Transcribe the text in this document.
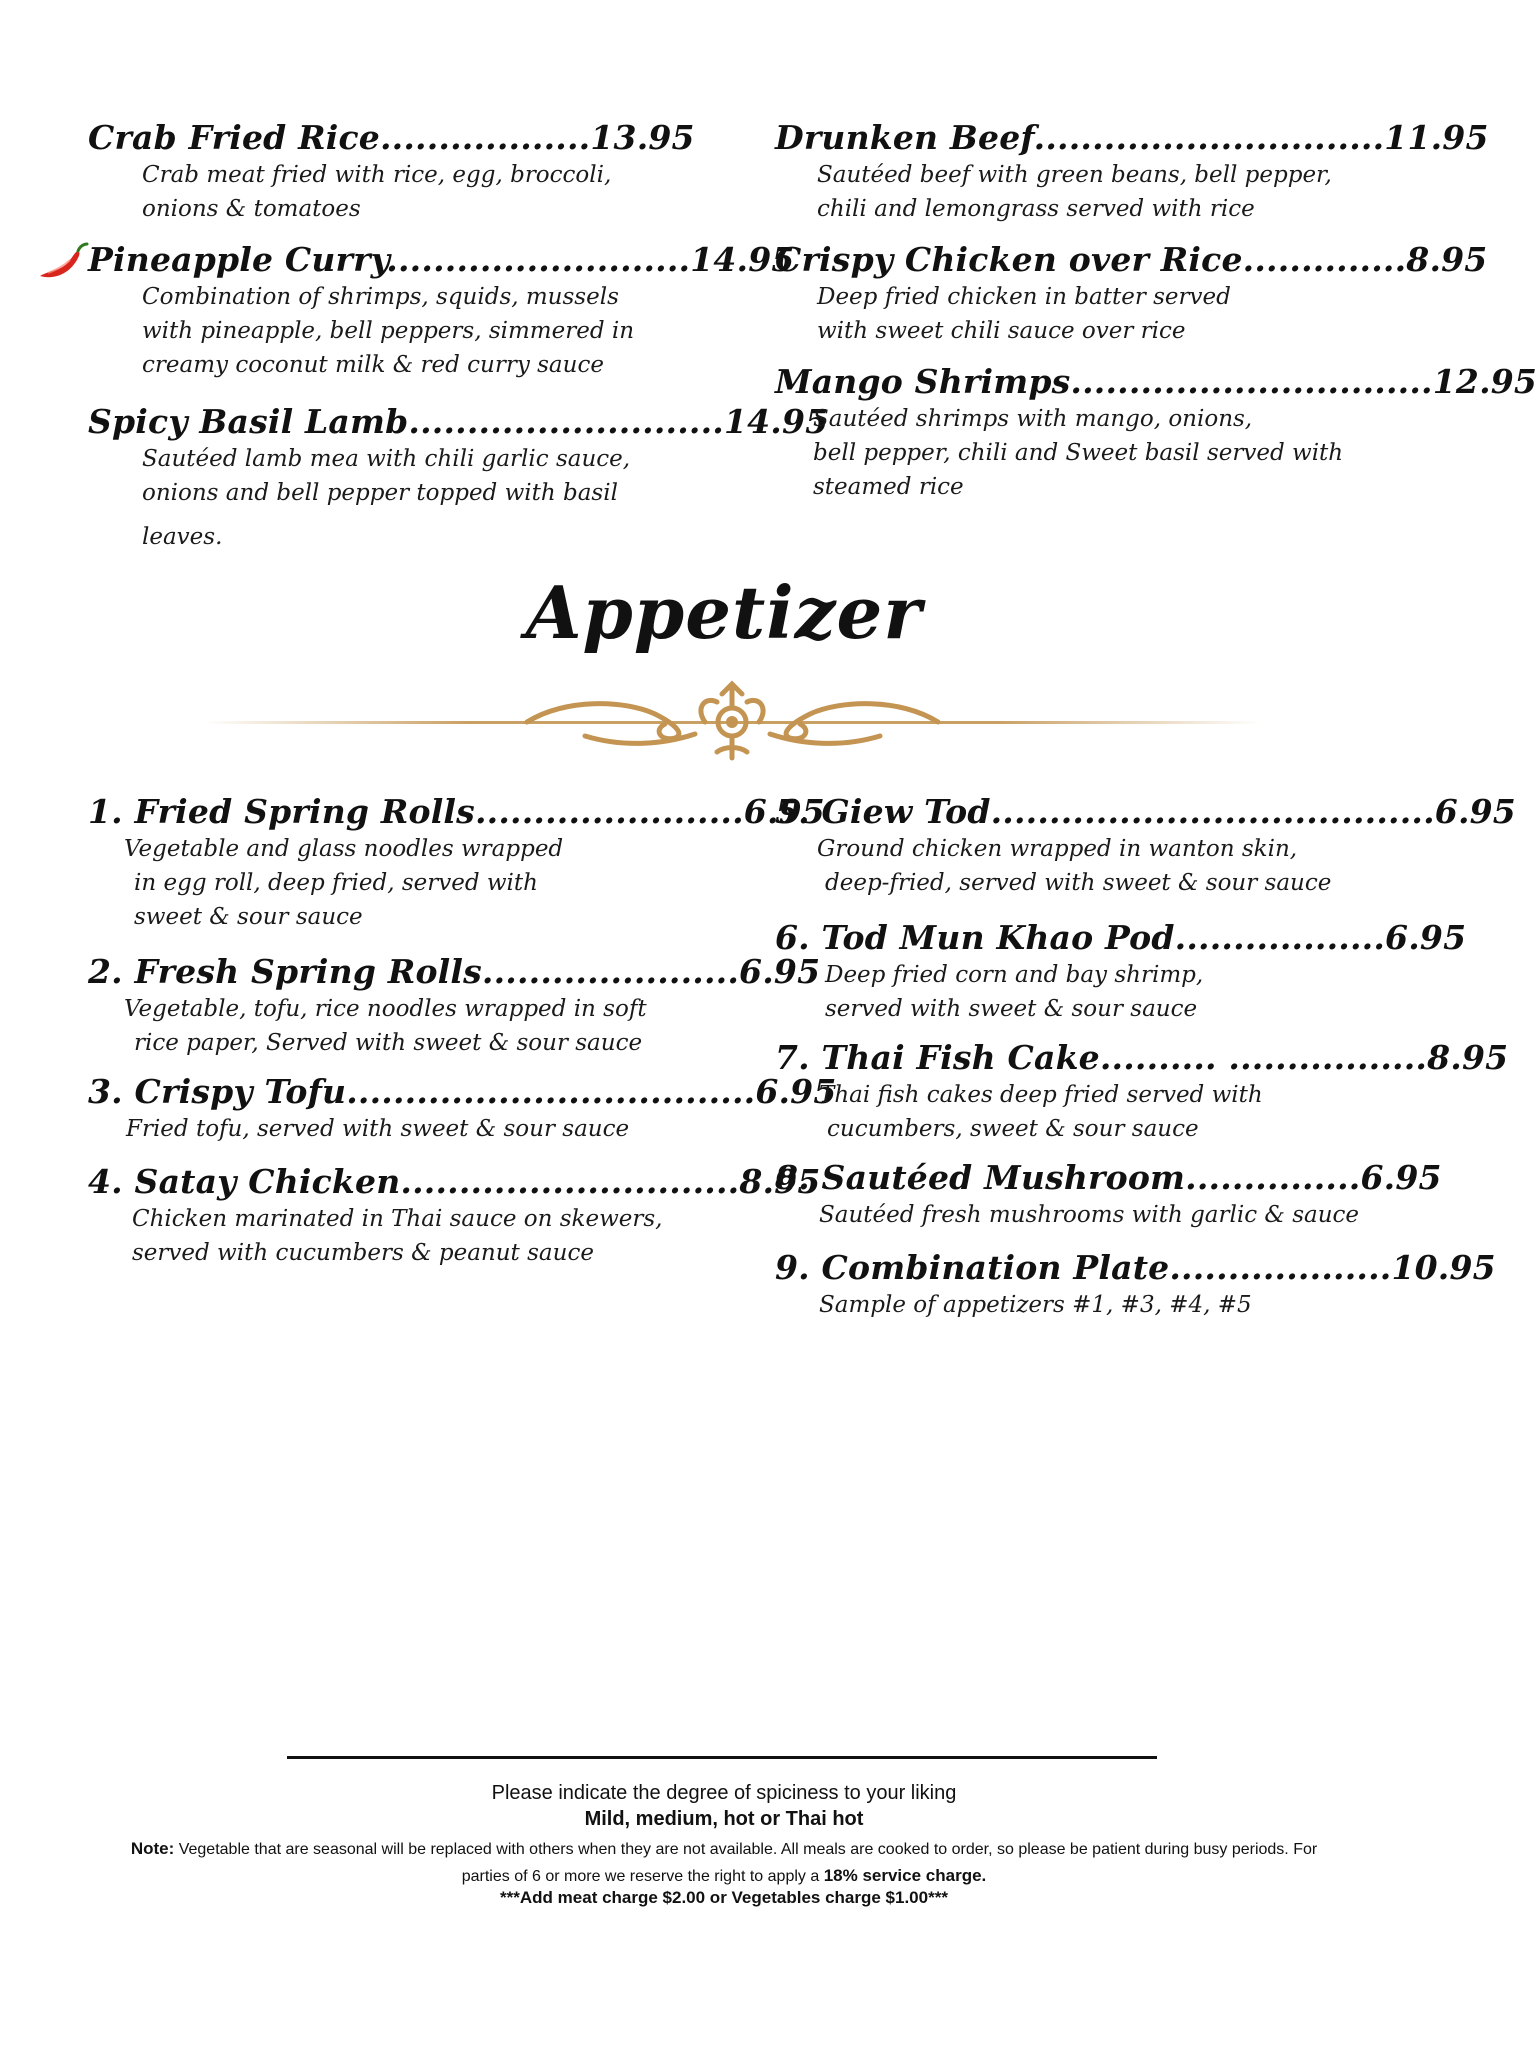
Crab Fried Rice..................13.95
Crab meat fried with rice, egg, broccoli,
onions & tomatoes
Pineapple Curry..........................14.95
Combination of shrimps, squids, mussels
with pineapple, bell peppers, simmered in
creamy coconut milk & red curry sauce
Spicy Basil Lamb...........................14.95
Sautéed lamb mea with chili garlic sauce,
onions and bell pepper topped with basil
leaves.
Drunken Beef..............................11.95
Sautéed beef with green beans, bell pepper,
chili and lemongrass served with rice
Crispy Chicken over Rice..............8.95
Deep fried chicken in batter served
with sweet chili sauce over rice
Mango Shrimps...............................12.95
Sautéed shrimps with mango, onions,
bell pepper, chili and Sweet basil served with
steamed rice
Appetizer
1. Fried Spring Rolls.......................6.95
Vegetable and glass noodles wrapped
in egg roll, deep fried, served with
sweet & sour sauce
2. Fresh Spring Rolls......................6.95
Vegetable, tofu, rice noodles wrapped in soft
rice paper, Served with sweet & sour sauce
3. Crispy Tofu...................................6.95
Fried tofu, served with sweet & sour sauce
4. Satay Chicken.............................8.95
Chicken marinated in Thai sauce on skewers,
served with cucumbers & peanut sauce
5. Giew Tod......................................6.95
Ground chicken wrapped in wanton skin,
deep-fried, served with sweet & sour sauce
6. Tod Mun Khao Pod..................6.95
Deep fried corn and bay shrimp,
served with sweet & sour sauce
7. Thai Fish Cake.......... .................8.95
Thai fish cakes deep fried served with
cucumbers, sweet & sour sauce
8. Sautéed Mushroom...............6.95
Sautéed fresh mushrooms with garlic & sauce
9. Combination Plate...................10.95
Sample of appetizers #1, #3, #4, #5
Please indicate the degree of spiciness to your liking
Mild, medium, hot or Thai hot
Note: Vegetable that are seasonal will be replaced with others when they are not available. All meals are cooked to order, so please be patient during busy periods. For
parties of 6 or more we reserve the right to apply a 18% service charge.
***Add meat charge $2.00 or Vegetables charge $1.00***
